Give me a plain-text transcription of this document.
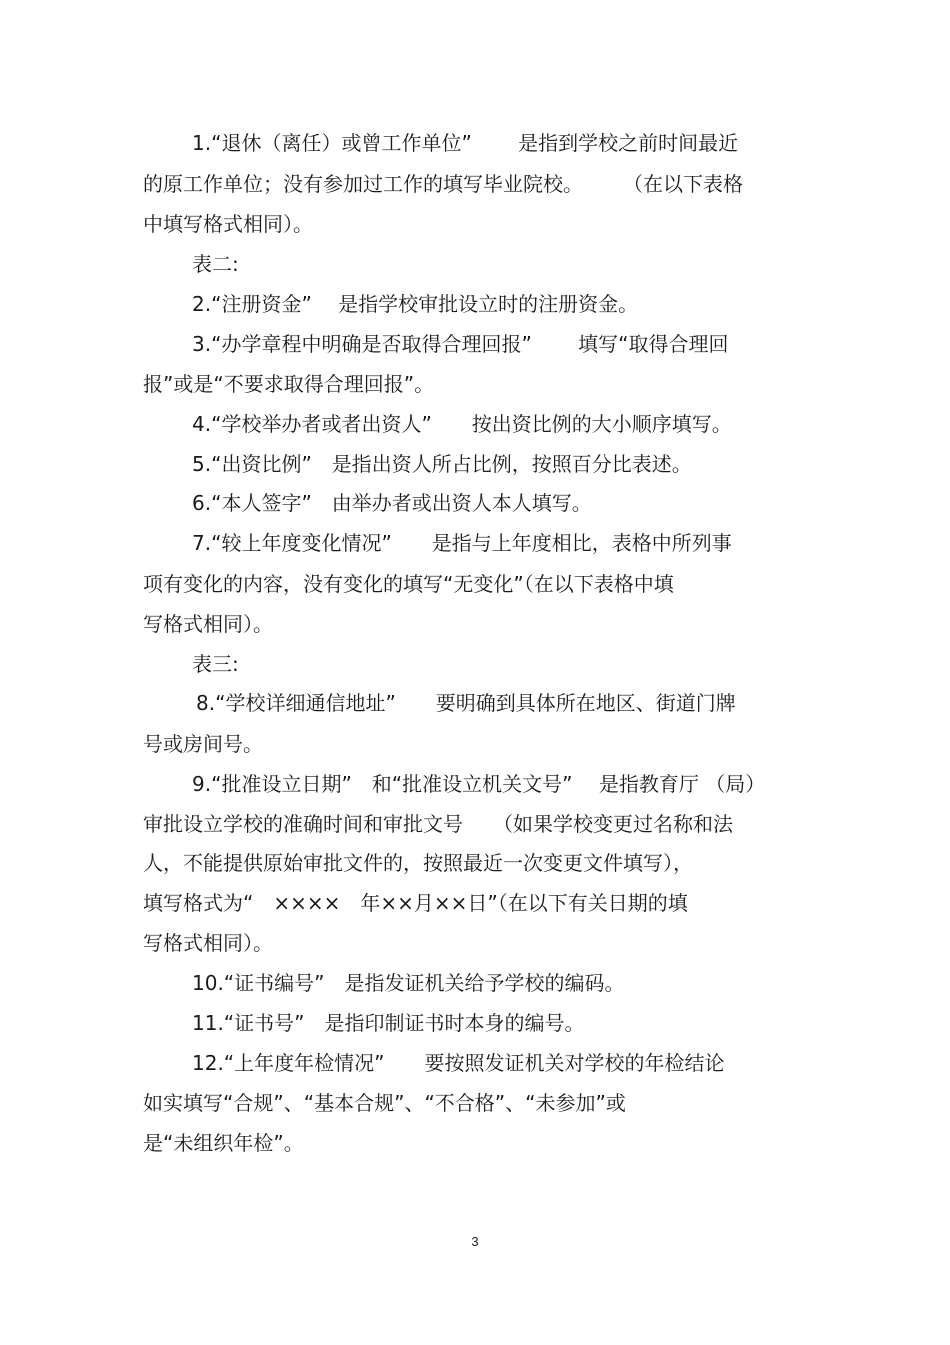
1.“退休（离任）或曾工作单位”　　 是指到学校之前时间最近
的原工作单位；没有参加过工作的填写毕业院校。　　　（在以下表格
中填写格式相同）。
表二:
2.“注册资金”　 是指学校审批设立时的注册资金。
3.“办学章程中明确是否取得合理回报”　　 填写“取得合理回
报”或是“不要求取得合理回报”。
4.“学校举办者或者出资人”　　按出资比例的大小顺序填写。
5.“出资比例”　是指出资人所占比例，按照百分比表述。
6.“本人签字”　由举办者或出资人本人填写。
7.“较上年度变化情况”　　是指与上年度相比，表格中所列事
项有变化的内容，没有变化的填写“无变化”（在以下表格中填
写格式相同）。
表三:
8.“学校详细通信地址”　　要明确到具体所在地区、街道门牌
号或房间号。
9.“批准设立日期”　和“批准设立机关文号”　 是指教育厅 （局）
审批设立学校的准确时间和审批文号　　（如果学校变更过名称和法
人，不能提供原始审批文件的，按照最近一次变更文件填写），
填写格式为“　××××　年××月××日”（在以下有关日期的填
写格式相同）。
10.“证书编号”　是指发证机关给予学校的编码。
11.“证书号”　是指印制证书时本身的编号。
12.“上年度年检情况”　　要按照发证机关对学校的年检结论
如实填写“合规”、“基本合规”、“不合格”、“未参加”或
是“未组织年检”。
3
